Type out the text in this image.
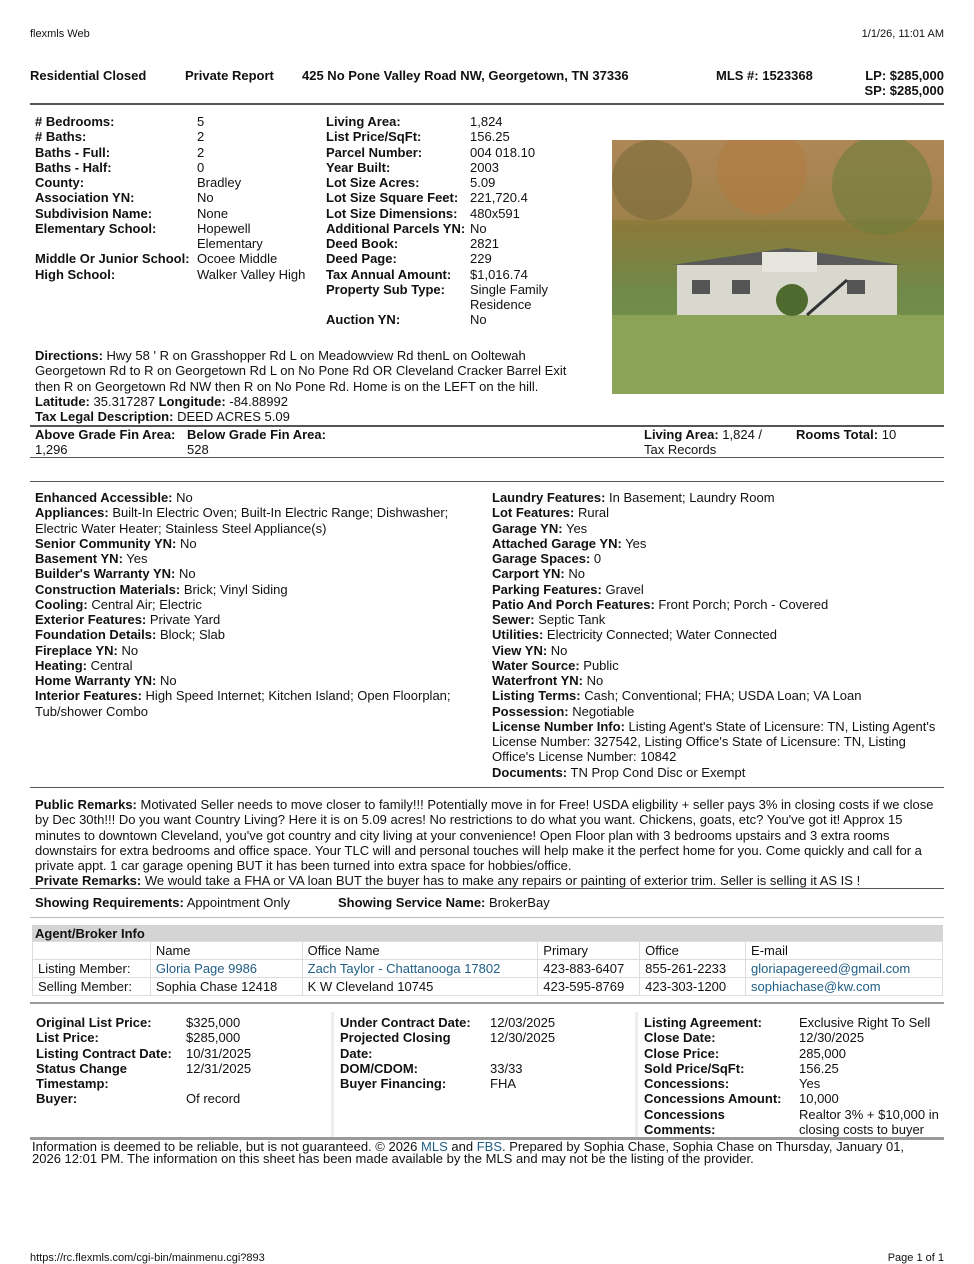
flexmls Web	1/1/26, 11:01 AM
Residential Closed	Private Report 425 No Pone Valley Road NW, Georgetown, TN 37336	MLS #: 1523368	LP: $285,000
SP: $285,000
# Bedrooms:	5
# Baths:	2
Baths - Full:	2
Baths - Half:	0
County:	Bradley
Association YN:	No
Subdivision Name:	None
Elementary School:	Hopewell Elementary
Middle Or Junior School: Ocoee Middle
High School:	Walker Valley High
Living Area:	1,824
List Price/SqFt:	156.25
Parcel Number:	004 018.10
Year Built:	2003
Lot Size Acres:	5.09
Lot Size Square Feet: 221,720.4
Lot Size Dimensions: 480x591
Additional Parcels YN: No
Deed Book:	2821
Deed Page:	229
Tax Annual Amount:	$1,016.74
Property Sub Type:	Single Family Residence
Auction YN:	No
Directions: Hwy 58 ' R on Grasshopper Rd L on Meadowview Rd thenL on Ooltewah Georgetown Rd to R on Georgetown Rd L on No Pone Rd OR Cleveland Cracker Barrel Exit then R on Georgetown Rd NW then R on No Pone Rd. Home is on the LEFT on the hill.
Latitude: 35.317287 Longitude: -84.88992
Tax Legal Description: DEED ACRES 5.09
Above Grade Fin Area:
1,296
Below Grade Fin Area:
528
Living Area: 1,824 / Tax Records
Rooms Total: 10
Enhanced Accessible: No
Appliances: Built-In Electric Oven; Built-In Electric Range; Dishwasher; Electric Water Heater; Stainless Steel Appliance(s)
Senior Community YN: No
Basement YN: Yes
Builder's Warranty YN: No
Construction Materials: Brick; Vinyl Siding
Cooling: Central Air; Electric
Exterior Features: Private Yard
Foundation Details: Block; Slab
Fireplace YN: No
Heating: Central
Home Warranty YN: No
Interior Features: High Speed Internet; Kitchen Island; Open Floorplan; Tub/shower Combo
Laundry Features: In Basement; Laundry Room
Lot Features: Rural
Garage YN: Yes
Attached Garage YN: Yes
Garage Spaces: 0
Carport YN: No
Parking Features: Gravel
Patio And Porch Features: Front Porch; Porch - Covered
Sewer: Septic Tank
Utilities: Electricity Connected; Water Connected
View YN: No
Water Source: Public
Waterfront YN: No
Listing Terms: Cash; Conventional; FHA; USDA Loan; VA Loan
Possession: Negotiable
License Number Info: Listing Agent's State of Licensure: TN, Listing Agent's License Number: 327542, Listing Office's State of Licensure: TN, Listing Office's License Number: 10842
Documents: TN Prop Cond Disc or Exempt
Public Remarks: Motivated Seller needs to move closer to family!!! Potentially move in for Free! USDA eligbility + seller pays 3% in closing costs if we close by Dec 30th!!! Do you want Country Living? Here it is on 5.09 acres! No restrictions to do what you want. Chickens, goats, etc? You've got it! Approx 15 minutes to downtown Cleveland, you've got country and city living at your convenience! Open Floor plan with 3 bedrooms upstairs and 3 extra rooms downstairs for extra bedrooms and office space. Your TLC will and personal touches will help make it the perfect home for you. Come quickly and call for a private appt. 1 car garage opening BUT it has been turned into extra space for hobbies/office.
Private Remarks: We would take a FHA or VA loan BUT the buyer has to make any repairs or painting of exterior trim. Seller is selling it AS IS !
Showing Requirements: Appointment Only	Showing Service Name: BrokerBay
Agent/Broker Info
	Name	Office Name	Primary	Office	E-mail
Listing Member:	Gloria Page 9986	Zach Taylor - Chattanooga 17802	423-883-6407	855-261-2233	gloriapagereed@gmail.com
Selling Member:	Sophia Chase 12418	K W Cleveland 10745	423-595-8769	423-303-1200	sophiachase@kw.com
Original List Price:	$325,000
List Price:	$285,000
Listing Contract Date:	10/31/2025
Status Change Timestamp:
12/31/2025
Buyer:	Of record
Under Contract Date:	12/03/2025
Projected Closing Date:
12/30/2025
DOM/CDOM:	33/33
Buyer Financing:	FHA
Listing Agreement:	Exclusive Right To Sell
Close Date:	12/30/2025
Close Price:	285,000
Sold Price/SqFt:	156.25
Concessions:	Yes
Concessions Amount:	10,000
Concessions Comments:
Realtor 3% + $10,000 in closing costs to buyer
Information is deemed to be reliable, but is not guaranteed. © 2026 MLS and FBS. Prepared by Sophia Chase, Sophia Chase on Thursday, January 01, 2026 12:01 PM. The information on this sheet has been made available by the MLS and may not be the listing of the provider.
https://rc.flexmls.com/cgi-bin/mainmenu.cgi?893	Page 1 of 1
